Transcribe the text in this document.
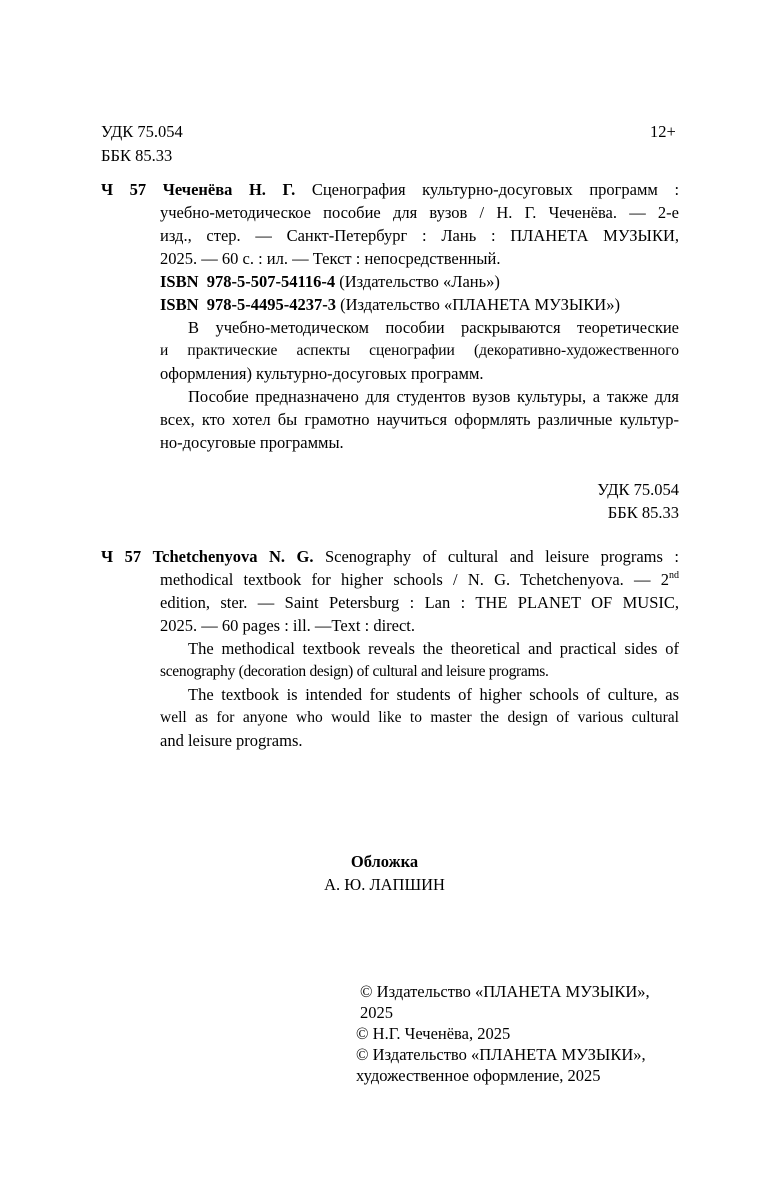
УДК 75.054
ББК 85.33
12+
Ч 57 Чеченёва Н. Г. Сценография культурно-досуговых программ :
учебно-методическое пособие для вузов / Н. Г. Чеченёва. — 2-е
изд., стер. — Санкт-Петербург : Лань : ПЛАНЕТА МУЗЫКИ,
2025. — 60 с. : ил. — Текст : непосредственный.
ISBN 978-5-507-54116-4 (Издательство «Лань»)
ISBN 978-5-4495-4237-3 (Издательство «ПЛАНЕТА МУЗЫКИ»)
В учебно-методическом пособии раскрываются теоретические
и практические аспекты сценографии (декоративно-художественного
оформления) культурно-досуговых программ.
Пособие предназначено для студентов вузов культуры, а также для
всех, кто хотел бы грамотно научиться оформлять различные культур-
но-досуговые программы.
УДК 75.054
ББК 85.33
Ч 57 Tchetchenyova N. G. Scenography of cultural and leisure programs :
methodical textbook for higher schools / N. G. Tchetchenyova. — 2nd
edition, ster. — Saint Petersburg : Lan : THE PLANET OF MUSIC,
2025. — 60 pages : ill. —Text : direct.
The methodical textbook reveals the theoretical and practical sides of
scenography (decoration design) of cultural and leisure programs.
The textbook is intended for students of higher schools of culture, as
well as for anyone who would like to master the design of various cultural
and leisure programs.
Обложка
А. Ю. ЛАПШИН
© Издательство «ПЛАНЕТА МУЗЫКИ»,
2025
© Н.Г. Чеченёва, 2025
© Издательство «ПЛАНЕТА МУЗЫКИ»,
художественное оформление, 2025
